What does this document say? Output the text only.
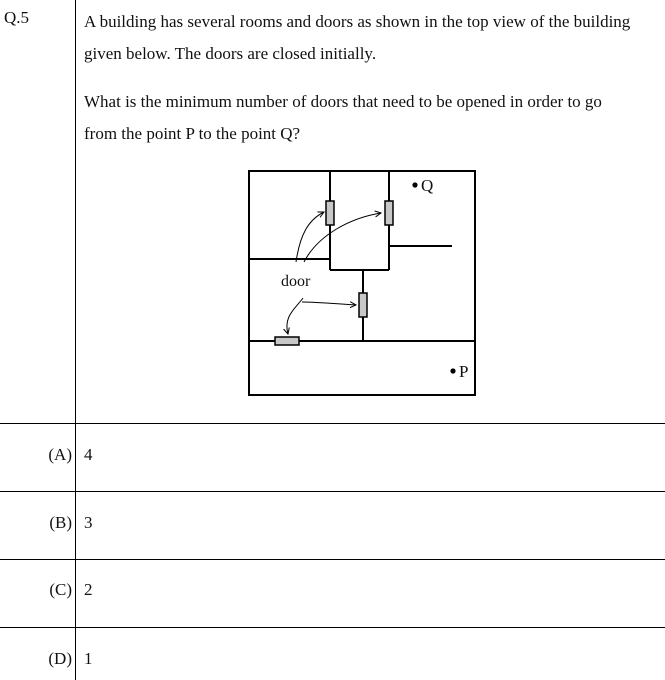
Q.5	A building has several rooms and doors as shown in the top view of the building
given below. The doors are closed initially.
What is the minimum number of doors that need to be opened in order to go
from the point P to the point Q?
door
Q
P
(A) 4
(B) 3
(C) 2
(D) 1
